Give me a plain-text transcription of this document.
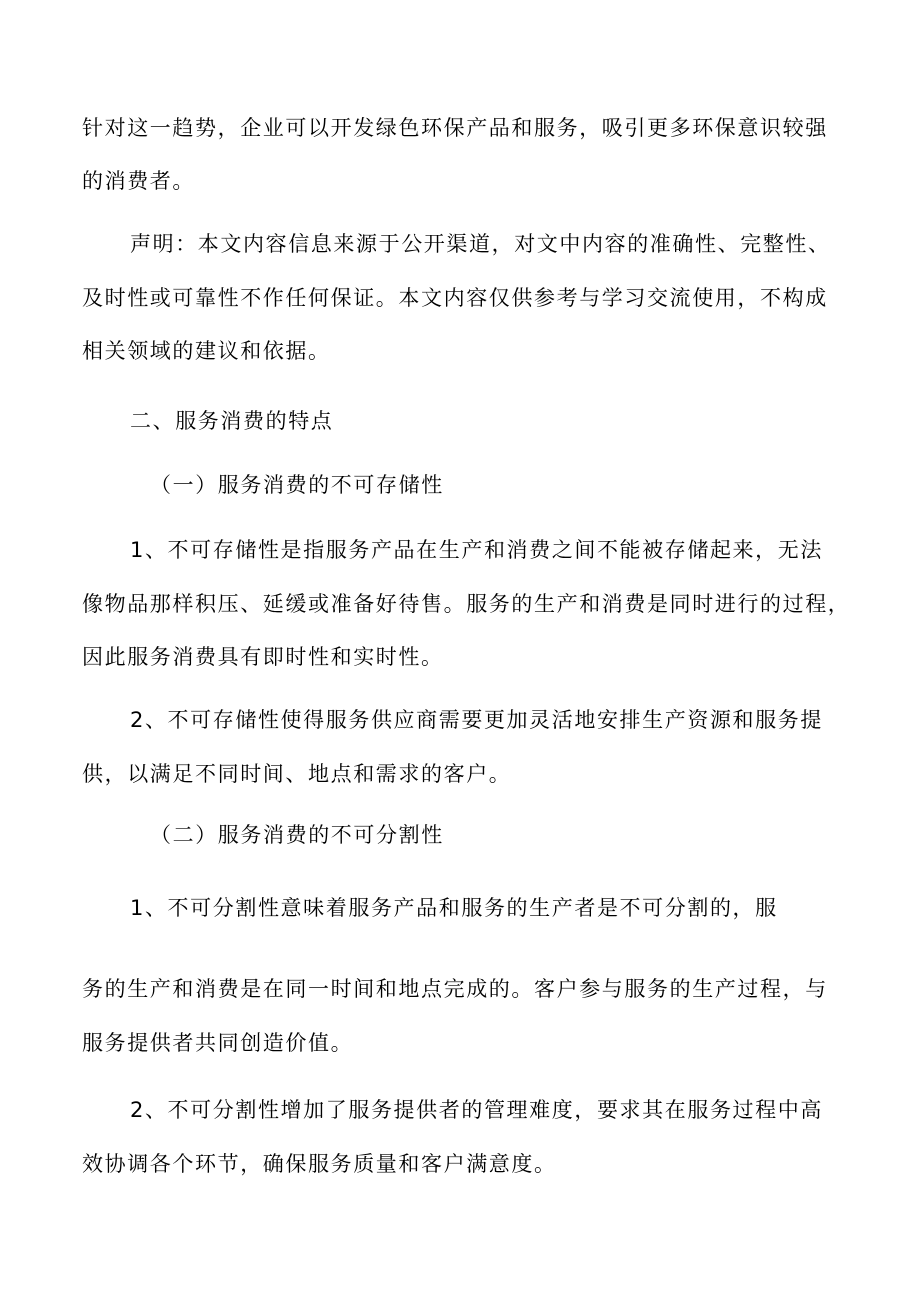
针对这一趋势，企业可以开发绿色环保产品和服务，吸引更多环保意识较强
的消费者。
声明：本文内容信息来源于公开渠道，对文中内容的准确性、完整性、
及时性或可靠性不作任何保证。本文内容仅供参考与学习交流使用，不构成
相关领域的建议和依据。
二、服务消费的特点
（一）服务消费的不可存储性
1、不可存储性是指服务产品在生产和消费之间不能被存储起来，无法
像物品那样积压、延缓或准备好待售。服务的生产和消费是同时进行的过程，
因此服务消费具有即时性和实时性。
2、不可存储性使得服务供应商需要更加灵活地安排生产资源和服务提
供，以满足不同时间、地点和需求的客户。
（二）服务消费的不可分割性
1、不可分割性意味着服务产品和服务的生产者是不可分割的，服
务的生产和消费是在同一时间和地点完成的。客户参与服务的生产过程，与
服务提供者共同创造价值。
2、不可分割性增加了服务提供者的管理难度，要求其在服务过程中高
效协调各个环节，确保服务质量和客户满意度。
